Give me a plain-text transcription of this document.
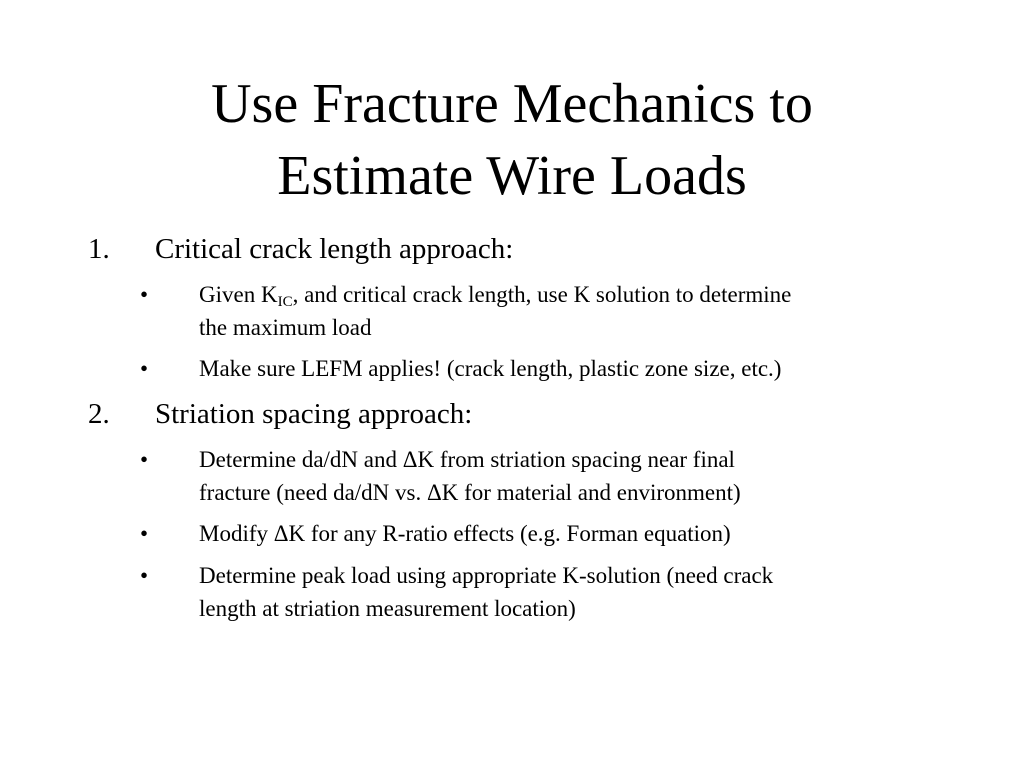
Use Fracture Mechanics to
Estimate Wire Loads
1. Critical crack length approach:
• Given $K_{IC}$, and critical crack length, use K solution to determine
the maximum load
• Make sure LEFM applies! (crack length, plastic zone size, etc.)
2. Striation spacing approach:
• Determine da/dN and ΔK from striation spacing near final
fracture (need da/dN vs. ΔK for material and environment)
• Modify ΔK for any R-ratio effects (e.g. Forman equation)
• Determine peak load using appropriate K-solution (need crack
length at striation measurement location)
